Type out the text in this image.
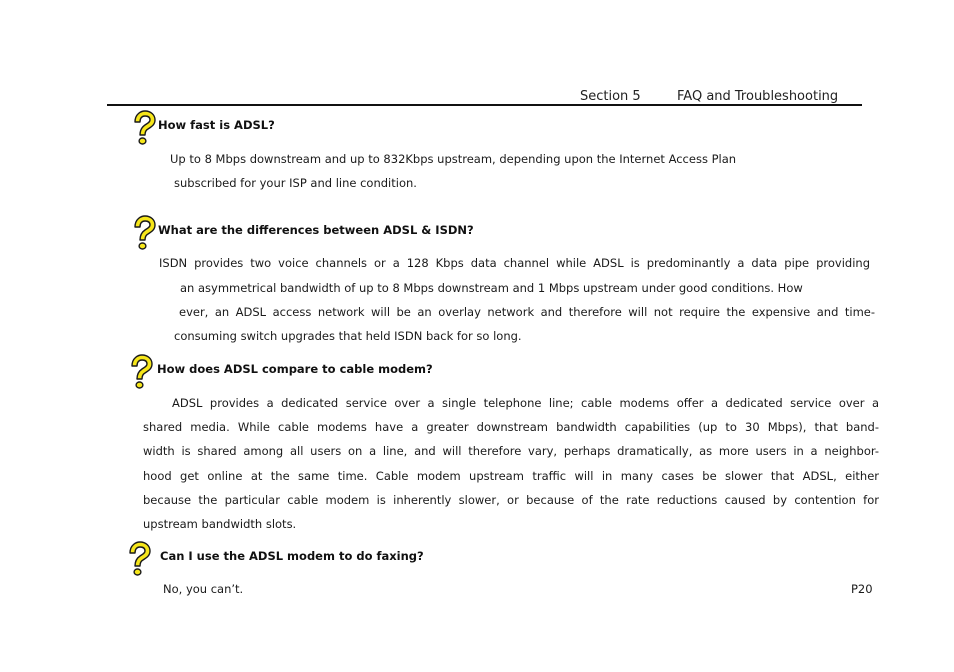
Section 5	FAQ and Troubleshooting
How fast is ADSL?
Up to 8 Mbps downstream and up to 832Kbps upstream, depending upon the Internet Access Plan
subscribed for your ISP and line condition.
What are the differences between ADSL & ISDN?
ISDN provides two voice channels or a 128 Kbps data channel while ADSL is predominantly a data pipe providing
an asymmetrical bandwidth of up to 8 Mbps downstream and 1 Mbps upstream under good conditions. How
ever, an ADSL access network will be an overlay network and therefore will not require the expensive and time-
consuming switch upgrades that held ISDN back for so long.
How does ADSL compare to cable modem?
ADSL provides a dedicated service over a single telephone line; cable modems offer a dedicated service over a
shared media. While cable modems have a greater downstream bandwidth capabilities (up to 30 Mbps), that band-
width is shared among all users on a line, and will therefore vary, perhaps dramatically, as more users in a neighbor-
hood get online at the same time. Cable modem upstream traffic will in many cases be slower that ADSL, either
because the particular cable modem is inherently slower, or because of the rate reductions caused by contention for
upstream bandwidth slots.
Can I use the ADSL modem to do faxing?
No, you can’t.	P20
